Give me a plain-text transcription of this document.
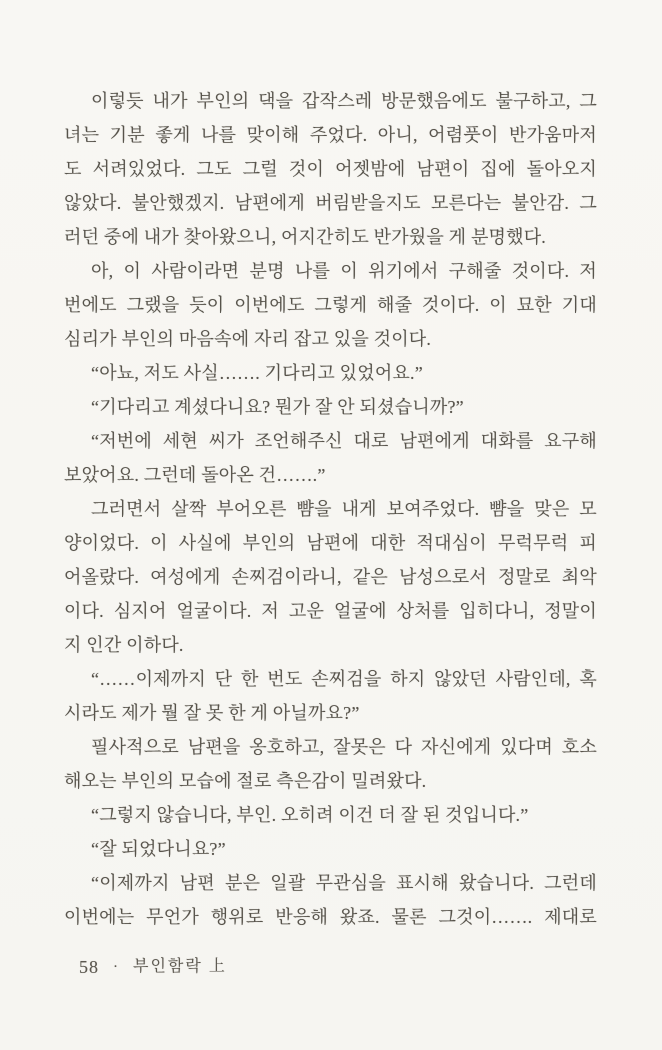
이렇듯 내가 부인의 댁을 갑작스레 방문했음에도 불구하고, 그
녀는 기분 좋게 나를 맞이해 주었다. 아니, 어렴풋이 반가움마저
도 서려있었다. 그도 그럴 것이 어젯밤에 남편이 집에 돌아오지
않았다. 불안했겠지. 남편에게 버림받을지도 모른다는 불안감. 그
러던 중에 내가 찾아왔으니, 어지간히도 반가웠을 게 분명했다.
아, 이 사람이라면 분명 나를 이 위기에서 구해줄 것이다. 저
번에도 그랬을 듯이 이번에도 그렇게 해줄 것이다. 이 묘한 기대
심리가 부인의 마음속에 자리 잡고 있을 것이다.
“아뇨, 저도 사실……. 기다리고 있었어요.”
“기다리고 계셨다니요? 뭔가 잘 안 되셨습니까?”
“저번에 세현 씨가 조언해주신 대로 남편에게 대화를 요구해
보았어요. 그런데 돌아온 건…….”
그러면서 살짝 부어오른 뺨을 내게 보여주었다. 뺨을 맞은 모
양이었다. 이 사실에 부인의 남편에 대한 적대심이 무럭무럭 피
어올랐다. 여성에게 손찌검이라니, 같은 남성으로서 정말로 최악
이다. 심지어 얼굴이다. 저 고운 얼굴에 상처를 입히다니, 정말이
지 인간 이하다.
“……이제까지 단 한 번도 손찌검을 하지 않았던 사람인데, 혹
시라도 제가 뭘 잘 못 한 게 아닐까요?”
필사적으로 남편을 옹호하고, 잘못은 다 자신에게 있다며 호소
해오는 부인의 모습에 절로 측은감이 밀려왔다.
“그렇지 않습니다, 부인. 오히려 이건 더 잘 된 것입니다.”
“잘 되었다니요?”
“이제까지 남편 분은 일괄 무관심을 표시해 왔습니다. 그런데
이번에는 무언가 행위로 반응해 왔죠. 물론 그것이……. 제대로
58 · 부인함락 上
